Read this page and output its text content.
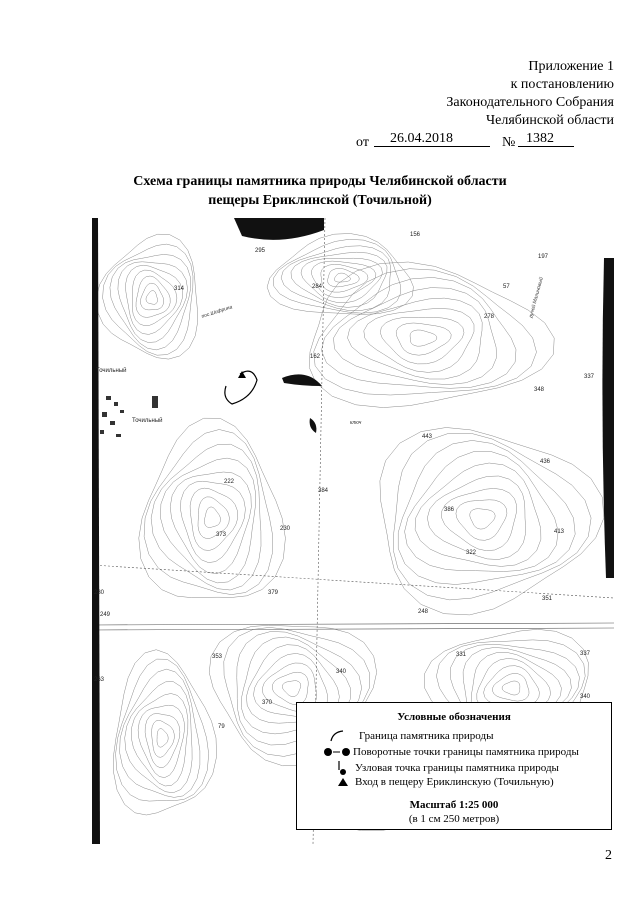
Приложение 1
к постановлению
Законодательного Собрания
Челябинской области
от 26.04.2018	№ 1382
Схема границы памятника природы Челябинской области
пещеры Ериклинской (Точильной)
156
295
197
314	284	57
278
162
348
337
443
436
222
384
386
373
230	413
322
379
351
280
248
249
331
353
340
337
263
370
340
79
Точильный
Точильный
пос.Шифрина	ручей Малиновый
ключ
Условные обозначения
Граница памятника природы
Поворотные точки границы памятника природы
Узловая точка границы памятника природы
Вход в пещеру Ериклинскую (Точильную)
Масштаб 1:25 000
(в 1 см 250 метров)
2
